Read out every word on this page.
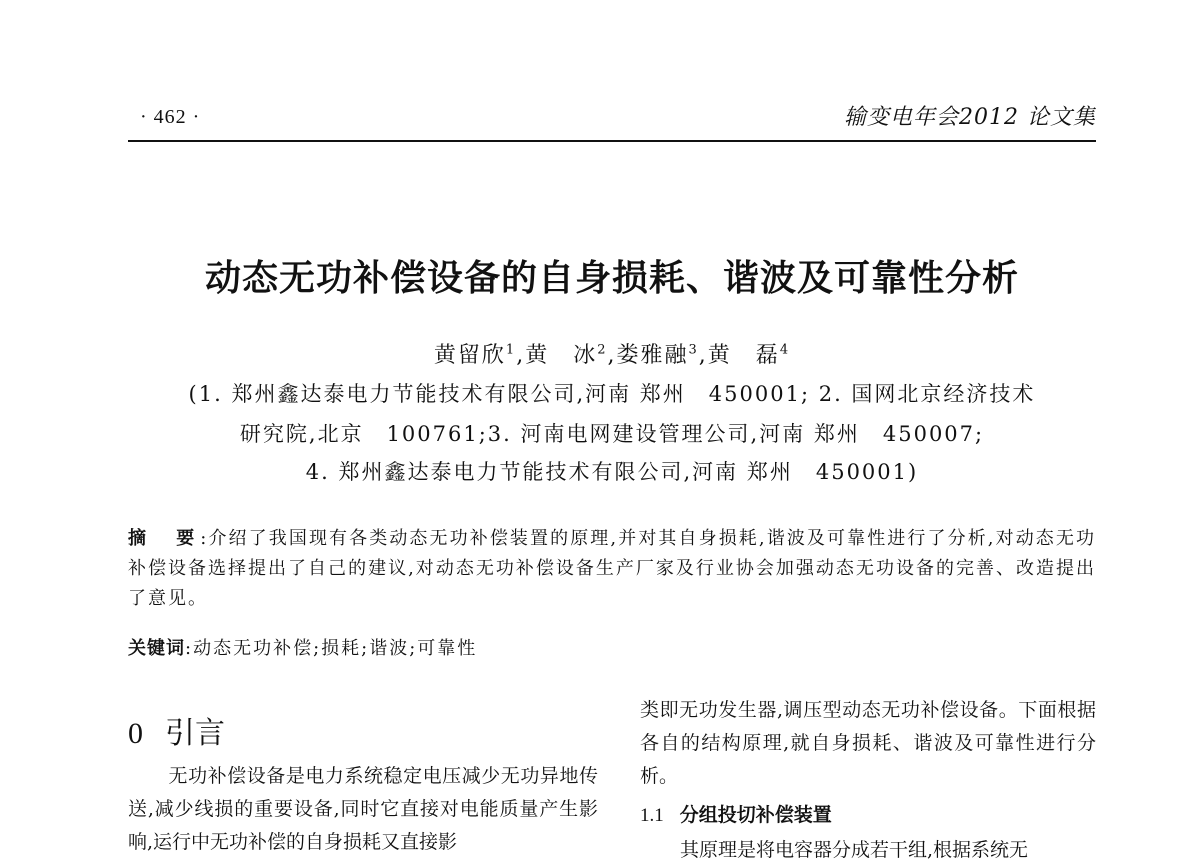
· 462 ·	输变电年会2012 论文集
动态无功补偿设备的自身损耗、谐波及可靠性分析
黄留欣$^1$,黄　冰$^2$,娄雅融$^3$,黄　磊$^4$
(1. 郑州鑫达泰电力节能技术有限公司,河南 郑州　450001; 2. 国网北京经济技术
研究院,北京　100761;3. 河南电网建设管理公司,河南 郑州　450007;
4. 郑州鑫达泰电力节能技术有限公司,河南 郑州　450001)
摘　要:介绍了我国现有各类动态无功补偿装置的原理,并对其自身损耗,谐波及可靠性进行了分析,对动态无功补偿设备选择提出了自己的建议,对动态无功补偿设备生产厂家及行业协会加强动态无功设备的完善、改造提出了意见。
关键词:动态无功补偿;损耗;谐波;可靠性
0 引言
无功补偿设备是电力系统稳定电压减少无功异地传送,减少线损的重要设备,同时它直接对电能质量产生影响,运行中无功补偿的自身损耗又直接影
类即无功发生器,调压型动态无功补偿设备。下面根据各自的结构原理,就自身损耗、谐波及可靠性进行分析。
1.1 分组投切补偿装置
其原理是将电容器分成若干组,根据系统无
